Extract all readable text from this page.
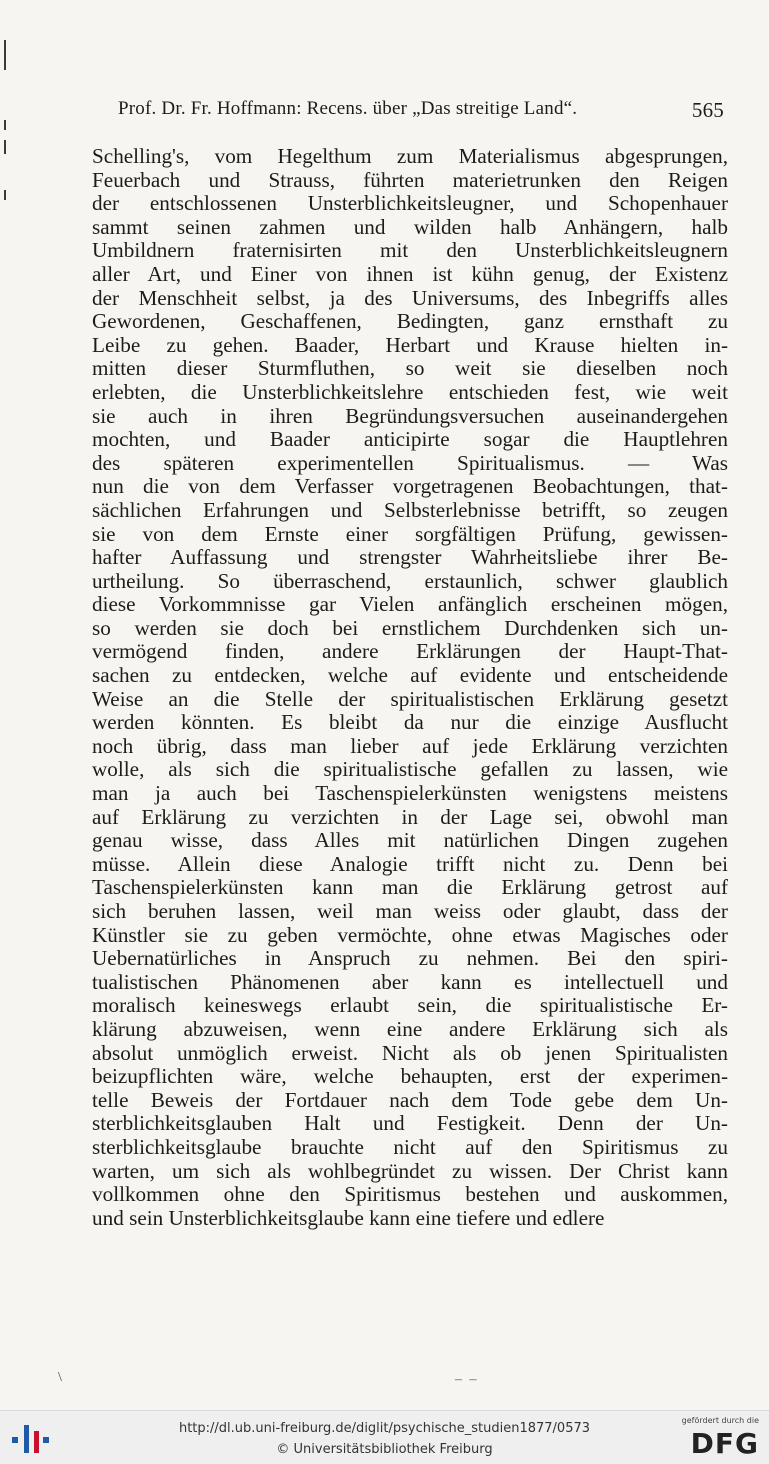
Prof. Dr. Fr. Hoffmann: Recens. über „Das streitige Land“.	565
Schelling's, vom Hegelthum zum Materialismus abgesprungen,
Feuerbach und Strauss, führten materietrunken den Reigen
der entschlossenen Unsterblichkeitsleugner, und Schopenhauer
sammt seinen zahmen und wilden halb Anhängern, halb
Umbildnern fraternisirten mit den Unsterblichkeitsleugnern
aller Art, und Einer von ihnen ist kühn genug, der Existenz
der Menschheit selbst, ja des Universums, des Inbegriffs alles
Gewordenen, Geschaffenen, Bedingten, ganz ernsthaft zu
Leibe zu gehen. Baader, Herbart und Krause hielten in-
mitten dieser Sturmfluthen, so weit sie dieselben noch
erlebten, die Unsterblichkeitslehre entschieden fest, wie weit
sie auch in ihren Begründungsversuchen auseinandergehen
mochten, und Baader anticipirte sogar die Hauptlehren
des späteren experimentellen Spiritualismus. — Was
nun die von dem Verfasser vorgetragenen Beobachtungen, that-
sächlichen Erfahrungen und Selbsterlebnisse betrifft, so zeugen
sie von dem Ernste einer sorgfältigen Prüfung, gewissen-
hafter Auffassung und strengster Wahrheitsliebe ihrer Be-
urtheilung. So überraschend, erstaunlich, schwer glaublich
diese Vorkommnisse gar Vielen anfänglich erscheinen mögen,
so werden sie doch bei ernstlichem Durchdenken sich un-
vermögend finden, andere Erklärungen der Haupt-That-
sachen zu entdecken, welche auf evidente und entscheidende
Weise an die Stelle der spiritualistischen Erklärung gesetzt
werden könnten. Es bleibt da nur die einzige Ausflucht
noch übrig, dass man lieber auf jede Erklärung verzichten
wolle, als sich die spiritualistische gefallen zu lassen, wie
man ja auch bei Taschenspielerkünsten wenigstens meistens
auf Erklärung zu verzichten in der Lage sei, obwohl man
genau wisse, dass Alles mit natürlichen Dingen zugehen
müsse. Allein diese Analogie trifft nicht zu. Denn bei
Taschenspielerkünsten kann man die Erklärung getrost auf
sich beruhen lassen, weil man weiss oder glaubt, dass der
Künstler sie zu geben vermöchte, ohne etwas Magisches oder
Uebernatürliches in Anspruch zu nehmen. Bei den spiri-
tualistischen Phänomenen aber kann es intellectuell und
moralisch keineswegs erlaubt sein, die spiritualistische Er-
klärung abzuweisen, wenn eine andere Erklärung sich als
absolut unmöglich erweist. Nicht als ob jenen Spiritualisten
beizupflichten wäre, welche behaupten, erst der experimen-
telle Beweis der Fortdauer nach dem Tode gebe dem Un-
sterblichkeitsglauben Halt und Festigkeit. Denn der Un-
sterblichkeitsglaube brauchte nicht auf den Spiritismus zu
warten, um sich als wohlbegründet zu wissen. Der Christ kann
vollkommen ohne den Spiritismus bestehen und auskommen,
und sein Unsterblichkeitsglaube kann eine tiefere und edlere
\	– –
http://dl.ub.uni-freiburg.de/diglit/psychische_studien1877/0573
© Universitätsbibliothek Freiburg
gefördert durch die
DFG
